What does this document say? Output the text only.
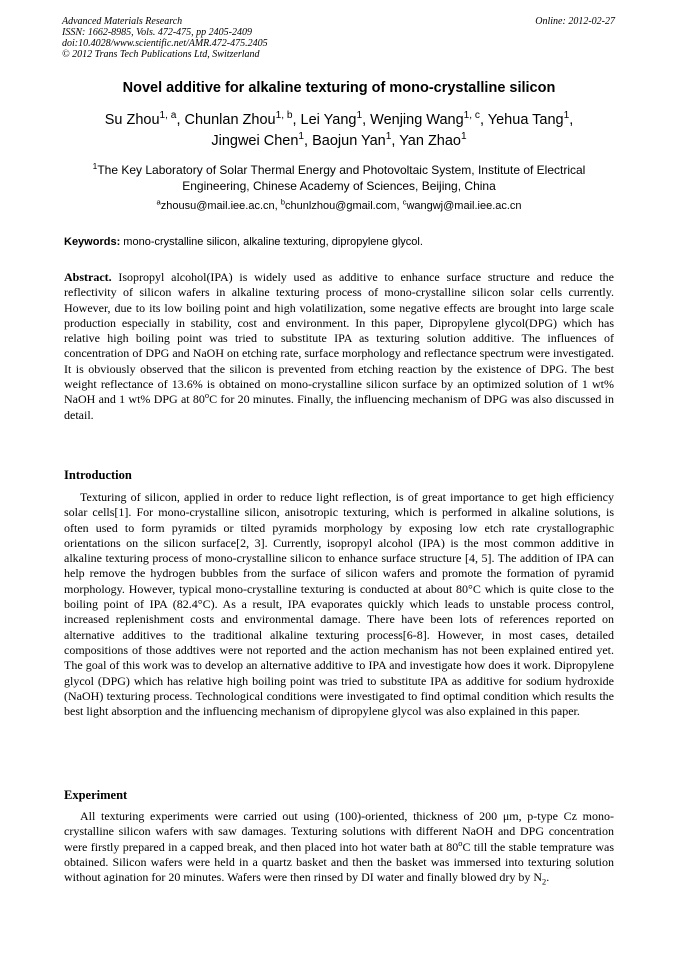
Advanced Materials Research
ISSN: 1662-8985, Vols. 472-475, pp 2405-2409
doi:10.4028/www.scientific.net/AMR.472-475.2405
© 2012 Trans Tech Publications Ltd, Switzerland
Online: 2012-02-27
Novel additive for alkaline texturing of mono-crystalline silicon
Su Zhou$^{1, a}$, Chunlan Zhou$^{1, b}$, Lei Yang$^1$, Wenjing Wang$^{1, c}$, Yehua Tang$^1$,
Jingwei Chen$^1$, Baojun Yan$^1$, Yan Zhao$^1$
$^1$The Key Laboratory of Solar Thermal Energy and Photovoltaic System, Institute of Electrical Engineering, Chinese Academy of Sciences, Beijing, China
$^a$zhousu@mail.iee.ac.cn, $^b$chunlzhou@gmail.com, $^c$wangwj@mail.iee.ac.cn
Keywords: mono-crystalline silicon, alkaline texturing, dipropylene glycol.
Abstract. Isopropyl alcohol(IPA) is widely used as additive to enhance surface structure and reduce the reflectivity of silicon wafers in alkaline texturing process of mono-crystalline silicon solar cells currently. However, due to its low boiling point and high volatilization, some negative effects are brought into large scale production especially in stability, cost and environment. In this paper, Dipropylene glycol(DPG) which has relative high boiling point was tried to substitute IPA as texturing solution additive. The influences of concentration of DPG and NaOH on etching rate, surface morphology and reflectance spectrum were investigated. It is obviously observed that the silicon is prevented from etching reaction by the existence of DPG. The best weight reflectance of 13.6% is obtained on mono-crystalline silicon surface by an optimized solution of 1 wt% NaOH and 1 wt% DPG at 80$^o$C for 20 minutes. Finally, the influencing mechanism of DPG was also discussed in detail.
Introduction
Texturing of silicon, applied in order to reduce light reflection, is of great importance to get high efficiency solar cells[1]. For mono-crystalline silicon, anisotropic texturing, which is performed in alkaline solutions, is often used to form pyramids or tilted pyramids morphology by exposing low etch rate crystallographic orientations on the silicon surface[2, 3]. Currently, isopropyl alcohol (IPA) is the most common additive in alkaline texturing process of mono-crystalline silicon to enhance surface structure [4, 5]. The addition of IPA can help remove the hydrogen bubbles from the surface of silicon wafers and promote the formation of pyramid morphology. However, typical mono-crystalline texturing is conducted at about 80°C which is quite close to the boiling point of IPA (82.4°C). As a result, IPA evaporates quickly which leads to unstable process control, increased replenishment costs and environmental damage. There have been lots of references reported on alternative additives to the traditional alkaline texturing process[6-8]. However, in most cases, detailed compositions of those addtives were not reported and the action mechanism has not been explained entired yet. The goal of this work was to develop an alternative additive to IPA and investigate how does it work. Dipropylene glycol (DPG) which has relative high boiling point was tried to substitute IPA as additive for sodium hydroxide (NaOH) texturing process. Technological conditions were investigated to find optimal condition which results the best light absorption and the influencing mechanism of dipropylene glycol was also explained in this paper.
Experiment
All texturing experiments were carried out using (100)-oriented, thickness of 200 μm, p-type Cz mono-crystalline silicon wafers with saw damages. Texturing solutions with different NaOH and DPG concentration were firstly prepared in a capped break, and then placed into hot water bath at 80$^o$C till the stable temprature was obtained. Silicon wafers were held in a quartz basket and then the basket was immersed into texturing solution without agination for 20 minutes. Wafers were then rinsed by DI water and finally blowed dry by $N_2$.
